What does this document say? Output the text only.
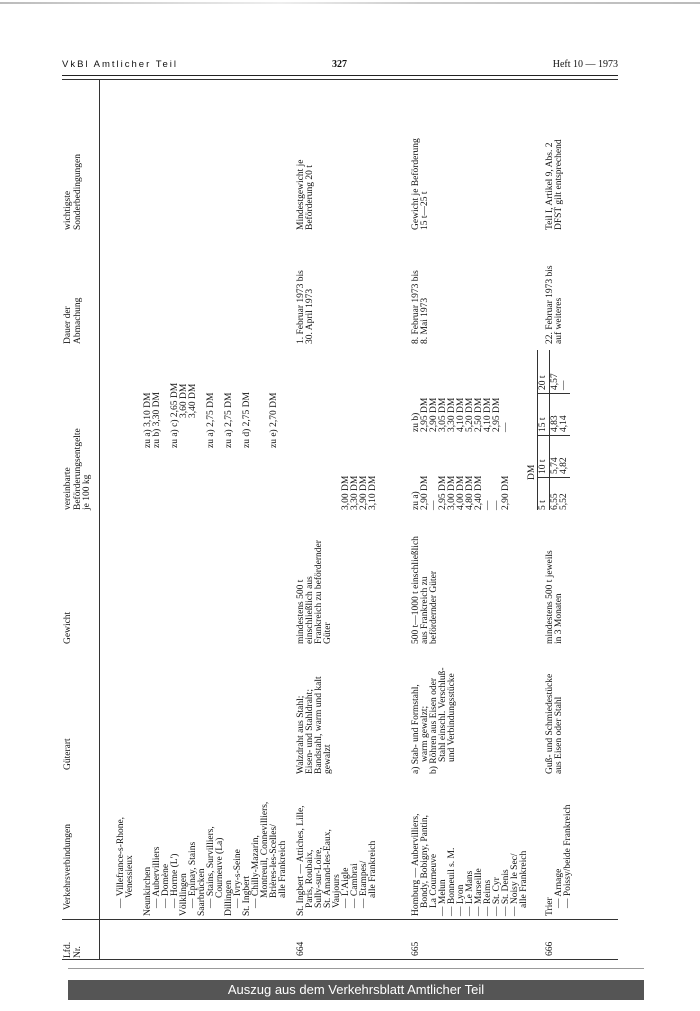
VkBl Amtlicher Teil	327	Heft 10 — 1973
Lfd. Nr.
Verkehrsverbindungen
Güterart
Gewicht
vereinbarte Beförderungsentgelte je 100 kg
Dauer der Abmachung
wichtigste Sonderbedingungen
— Villefrance-s-Rhone, Venessieux
Neunkirchen — Aubervilliers — Domène — Horme (L') Völklingen — Epinay, Stains Saarbrücken — Stains, Survilliers, Courneuve (La)
Dillingen — Ivry-s-Seine St. Ingbert — Chilly-Mazarin, Montreuil, Connevilliers, Brières-les-Scelles/ alle Frankreich

zu a) 3,10 DM zu b) 3,30 DM
zu a) c) 2,65 DM 3,60 DM 3,40 DM
zu a) 2,75 DM
zu a) 2,75 DM
zu d) 2,75 DM

zu e) 2,70 DM
664
St. Ingbert — Attiches, Lille, Paris, Roubaix, Sully-sur-Loire, St. Amand-les-Eaux, Vaujours — L'Aigle — Cambrai — Etampes/ alle Frankreich
Walzdraht aus Stahl; Eisen- und Stahldraht; Bandstahl, warm und kalt gewalzt
mindestens 500 t einschließlich aus Frankreich zu befördernder Güter

3,00 DM 3,30 DM 2,90 DM 3,10 DM
1. Februar 1973 bis 30. April 1973
Mindestgewicht je Beförderung 20 t
665
Homburg — Aubervilliers, Bondy, Bobigny, Pantin, La Courneuve — Melun — Bonneuil s. M. — Lyon — Le Mans — Marseille — Reims — St. Cyr — St. Denis — Noisy le Sec/ alle Frankreich
a) Stab- und Formstahl, warm gewalzt; b) Röhren aus Eisen oder Stahl einschl. Verschluß- und Verbindungsstücke
500 t—1000 t einschließlich aus Frankreich zu befördernder Güter
zu a) 2,90 DM — 2,95 DM 3,00 DM 4,00 DM 4,80 DM 2,40 DM — — 2,90 DM
zu b) 2,95 DM 2,90 DM 3,05 DM 3,30 DM 4,10 DM 5,20 DM 2,50 DM 4,10 DM 2,95 DM —
8. Februar 1973 bis 8. Mai 1973
Gewicht je Beförderung 15 t—25 t
666
Trier — Arnage — Poissy/beide Frankreich
Guß- und Schmiedestücke aus Eisen oder Stahl
mindestens 500 t jeweils in 3 Monaten
DM
5 t
10 t
15 t
20 t
6,55
5,74
4,83
4,57
5,52
4,82
4,14
—
22. Februar 1973 bis auf weiteres
Teil I, Artikel 9, Abs. 2 DFST gilt entsprechend
Auszug aus dem Verkehrsblatt Amtlicher Teil
